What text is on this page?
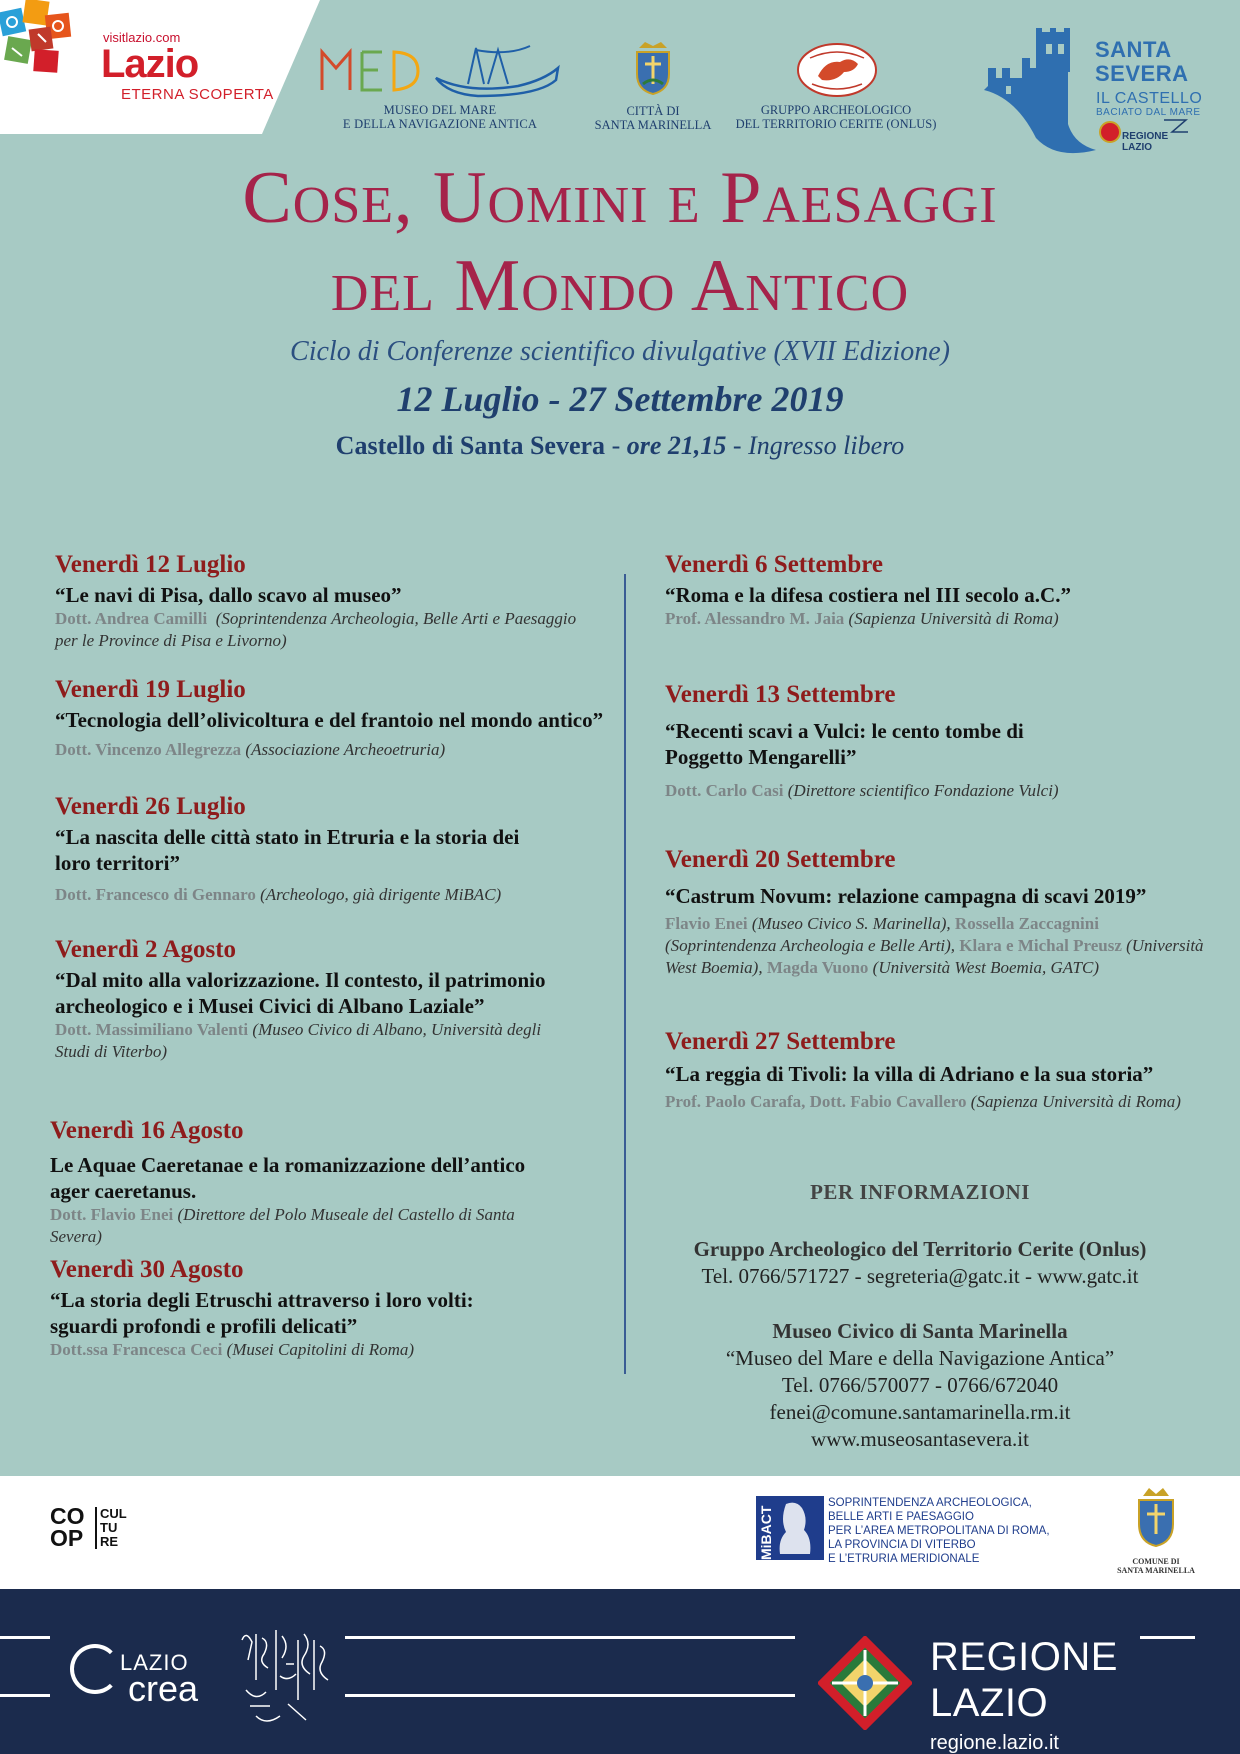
visitlazio.com
Lazio
ETERNA SCOPERTA
MUSEO DEL MARE
E DELLA NAVIGAZIONE ANTICA
CITTÀ DI
SANTA MARINELLA
GRUPPO ARCHEOLOGICO
DEL TERRITORIO CERITE (ONLUS)
SANTA
SEVERA
IL CASTELLO
BACIATO DAL MARE
REGIONE
LAZIO
Cose, Uomini e Paesaggi
del Mondo Antico
Ciclo di Conferenze scientifico divulgative (XVII Edizione)
12 Luglio - 27 Settembre 2019
Castello di Santa Severa - ore 21,15 - Ingresso libero
Venerdì 12 Luglio
“Le navi di Pisa, dallo scavo al museo”
Dott. Andrea Camilli (Soprintendenza Archeologia, Belle Arti e Paesaggio per le Province di Pisa e Livorno)
Venerdì 19 Luglio
“Tecnologia dell’olivicoltura e del frantoio nel mondo antico”
Dott. Vincenzo Allegrezza (Associazione Archeoetruria)
Venerdì 26 Luglio
“La nascita delle città stato in Etruria e la storia dei loro territori”
Dott. Francesco di Gennaro (Archeologo, già dirigente MiBAC)
Venerdì 2 Agosto
“Dal mito alla valorizzazione. Il contesto, il patrimonio archeologico e i Musei Civici di Albano Laziale”
Dott. Massimiliano Valenti (Museo Civico di Albano, Università degli Studi di Viterbo)
Venerdì 16 Agosto
Le Aquae Caeretanae e la romanizzazione dell’antico ager caeretanus.
Dott. Flavio Enei (Direttore del Polo Museale del Castello di Santa Severa)
Venerdì 30 Agosto
“La storia degli Etruschi attraverso i loro volti: sguardi profondi e profili delicati”
Dott.ssa Francesca Ceci (Musei Capitolini di Roma)
Venerdì 6 Settembre
“Roma e la difesa costiera nel III secolo a.C.”
Prof. Alessandro M. Jaia (Sapienza Università di Roma)
Venerdì 13 Settembre
“Recenti scavi a Vulci: le cento tombe di Poggetto Mengarelli”
Dott. Carlo Casi (Direttore scientifico Fondazione Vulci)
Venerdì 20 Settembre
“Castrum Novum: relazione campagna di scavi 2019”
Flavio Enei (Museo Civico S. Marinella), Rossella Zaccagnini (Soprintendenza Archeologia e Belle Arti), Klara e Michal Preusz (Università West Boemia), Magda Vuono (Università West Boemia, GATC)
Venerdì 27 Settembre
“La reggia di Tivoli: la villa di Adriano e la sua storia”
Prof. Paolo Carafa, Dott. Fabio Cavallero (Sapienza Università di Roma)
PER INFORMAZIONI
Gruppo Archeologico del Territorio Cerite (Onlus)
Tel. 0766/571727 - segreteria@gatc.it - www.gatc.it
Museo Civico di Santa Marinella
“Museo del Mare e della Navigazione Antica”
Tel. 0766/570077 - 0766/672040
fenei@comune.santamarinella.rm.it
www.museosantasevera.it
CO OP
CUL TU RE	MiBACT
SOPRINTENDENZA ARCHEOLOGICA,
BELLE ARTI E PAESAGGIO
PER L’AREA METROPOLITANA DI ROMA,
LA PROVINCIA DI VITERBO
E L’ETRURIA MERIDIONALE	COMUNE DI
SANTA MARINELLA
LAZIO
crea
REGIONE
LAZIO
regione.lazio.it
